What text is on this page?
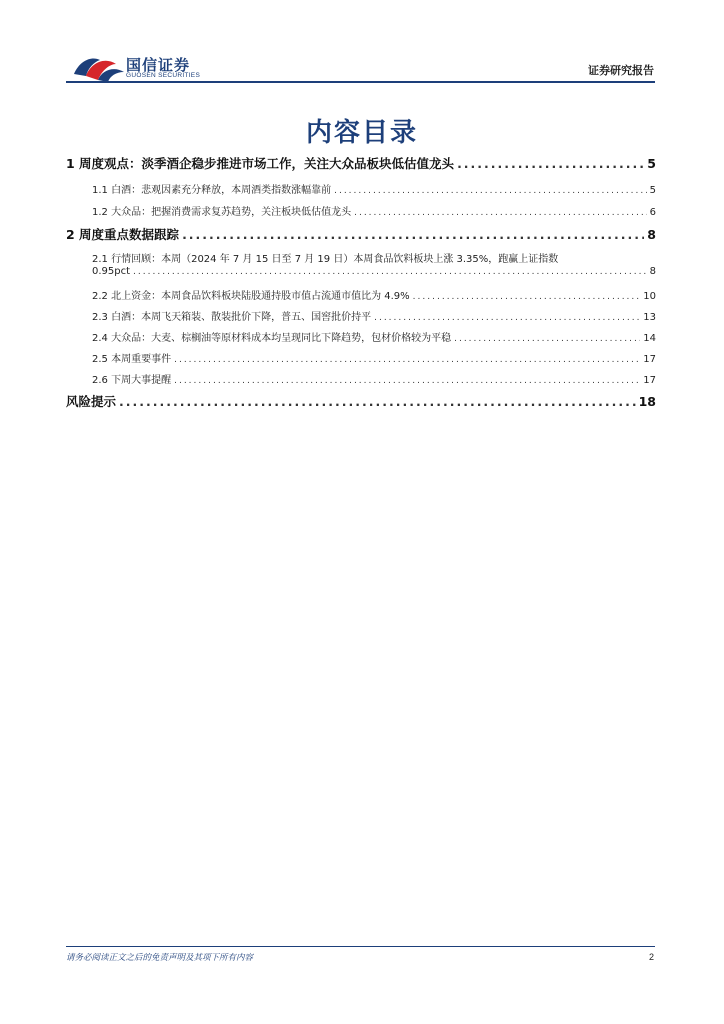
国信证券
GUOSEN SECURITIES	证券研究报告
内容目录
1 周度观点：淡季酒企稳步推进市场工作，关注大众品板块低估值龙头 .....	5
1.1 白酒：悲观因素充分释放，本周酒类指数涨幅靠前 .....	5
1.2 大众品：把握消费需求复苏趋势，关注板块低估值龙头 .....	6
2 周度重点数据跟踪 .....	8
2.1 行情回顾：本周（2024 年 7 月 15 日至 7 月 19 日）本周食品饮料板块上涨 3.35%，跑赢上证指数
0.95pct .....	8
2.2 北上资金：本周食品饮料板块陆股通持股市值占流通市值比为 4.9% .....	10
2.3 白酒：本周飞天箱装、散装批价下降，普五、国窖批价持平 .....	13
2.4 大众品：大麦、棕榈油等原材料成本均呈现同比下降趋势，包材价格较为平稳 .....	14
2.5 本周重要事件 .....	17
2.6 下周大事提醒 .....	17
风险提示 .....	18
请务必阅读正文之后的免责声明及其项下所有内容	2
